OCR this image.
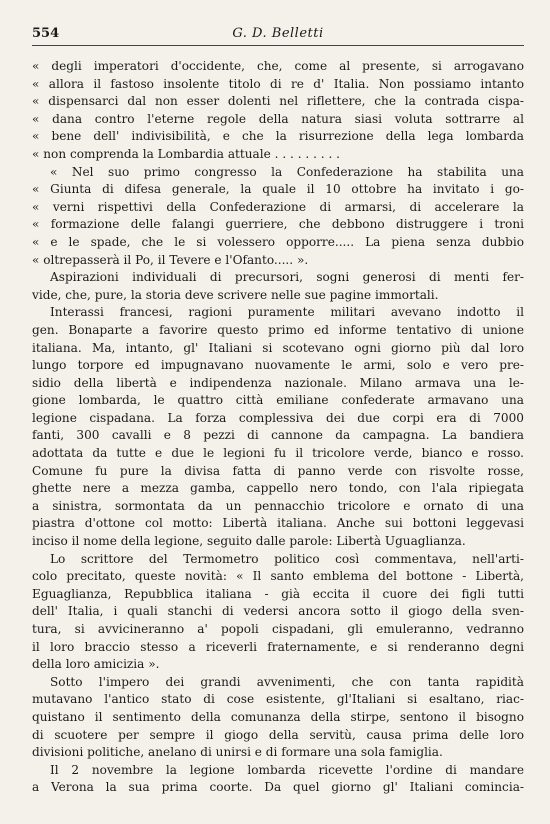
554	G. D. Belletti
« degli imperatori d'occidente, che, come al presente, si arrogavano
« allora il fastoso insolente titolo di re d' Italia. Non possiamo intanto
« dispensarci dal non esser dolenti nel riflettere, che la contrada cispa-
« dana contro l'eterne regole della natura siasi voluta sottrarre al
« bene dell' indivisibilità, e che la risurrezione della lega lombarda
« non comprenda la Lombardia attuale . . . . . . . . .
« Nel suo primo congresso la Confederazione ha stabilita una
« Giunta di difesa generale, la quale il 10 ottobre ha invitato i go-
« verni rispettivi della Confederazione di armarsi, di accelerare la
« formazione delle falangi guerriere, che debbono distruggere i troni
« e le spade, che le si volessero opporre..... La piena senza dubbio
« oltrepasserà il Po, il Tevere e l'Ofanto..... ».
Aspirazioni individuali di precursori, sogni generosi di menti fer-
vide, che, pure, la storia deve scrivere nelle sue pagine immortali.
Interassi francesi, ragioni puramente militari avevano indotto il
gen. Bonaparte a favorire questo primo ed informe tentativo di unione
italiana. Ma, intanto, gl' Italiani si scotevano ogni giorno più dal loro
lungo torpore ed impugnavano nuovamente le armi, solo e vero pre-
sidio della libertà e indipendenza nazionale. Milano armava una le-
gione lombarda, le quattro città emiliane confederate armavano una
legione cispadana. La forza complessiva dei due corpi era di 7000
fanti, 300 cavalli e 8 pezzi di cannone da campagna. La bandiera
adottata da tutte e due le legioni fu il tricolore verde, bianco e rosso.
Comune fu pure la divisa fatta di panno verde con risvolte rosse,
ghette nere a mezza gamba, cappello nero tondo, con l'ala ripiegata
a sinistra, sormontata da un pennacchio tricolore e ornato di una
piastra d'ottone col motto: Libertà italiana. Anche sui bottoni leggevasi
inciso il nome della legione, seguito dalle parole: Libertà Uguaglianza.
Lo scrittore del Termometro politico così commentava, nell'arti-
colo precitato, queste novità: « Il santo emblema del bottone - Libertà,
Eguaglianza, Repubblica italiana - già eccita il cuore dei figli tutti
dell' Italia, i quali stanchi di vedersi ancora sotto il giogo della sven-
tura, si avvicineranno a' popoli cispadani, gli emuleranno, vedranno
il loro braccio stesso a riceverli fraternamente, e si renderanno degni
della loro amicizia ».
Sotto l'impero dei grandi avvenimenti, che con tanta rapidità
mutavano l'antico stato di cose esistente, gl'Italiani si esaltano, riac-
quistano il sentimento della comunanza della stirpe, sentono il bisogno
di scuotere per sempre il giogo della servitù, causa prima delle loro
divisioni politiche, anelano di unirsi e di formare una sola famiglia.
Il 2 novembre la legione lombarda ricevette l'ordine di mandare
a Verona la sua prima coorte. Da quel giorno gl' Italiani comincia-
